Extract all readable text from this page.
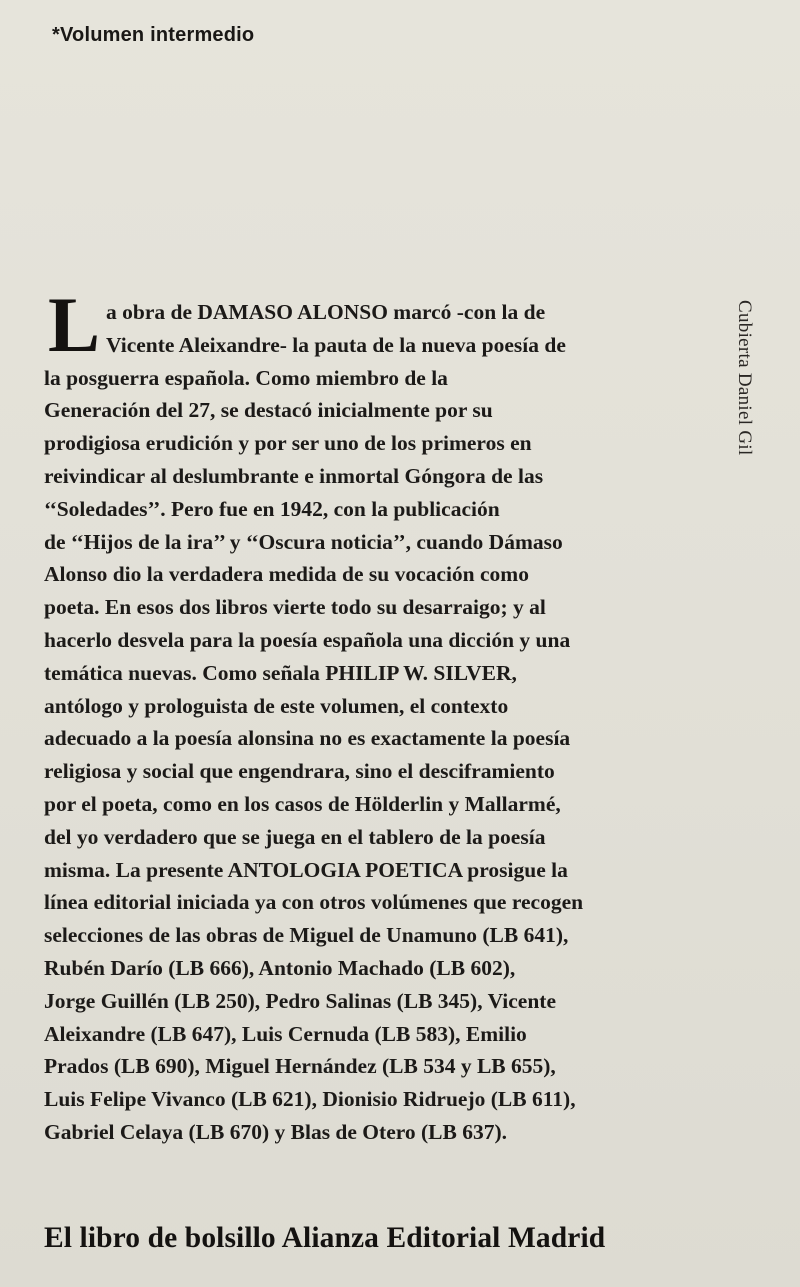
*Volumen intermedio
L a obra de DAMASO ALONSO marcó -con la de
Vicente Aleixandre- la pauta de la nueva poesía de
la posguerra española. Como miembro de la
Generación del 27, se destacó inicialmente por su
prodigiosa erudición y por ser uno de los primeros en
reivindicar al deslumbrante e inmortal Góngora de las
‘‘Soledades’’. Pero fue en 1942, con la publicación
de ‘‘Hijos de la ira’’ y ‘‘Oscura noticia’’, cuando Dámaso
Alonso dio la verdadera medida de su vocación como
poeta. En esos dos libros vierte todo su desarraigo; y al
hacerlo desvela para la poesía española una dicción y una
temática nuevas. Como señala PHILIP W. SILVER,
antólogo y prologuista de este volumen, el contexto
adecuado a la poesía alonsina no es exactamente la poesía
religiosa y social que engendrara, sino el desciframiento
por el poeta, como en los casos de Hölderlin y Mallarmé,
del yo verdadero que se juega en el tablero de la poesía
misma. La presente ANTOLOGIA POETICA prosigue la
línea editorial iniciada ya con otros volúmenes que recogen
selecciones de las obras de Miguel de Unamuno (LB 641),
Rubén Darío (LB 666), Antonio Machado (LB 602),
Jorge Guillén (LB 250), Pedro Salinas (LB 345), Vicente
Aleixandre (LB 647), Luis Cernuda (LB 583), Emilio
Prados (LB 690), Miguel Hernández (LB 534 y LB 655),
Luis Felipe Vivanco (LB 621), Dionisio Ridruejo (LB 611),
Gabriel Celaya (LB 670) y Blas de Otero (LB 637).
Cubierta Daniel Gil
El libro de bolsillo Alianza Editorial Madrid
